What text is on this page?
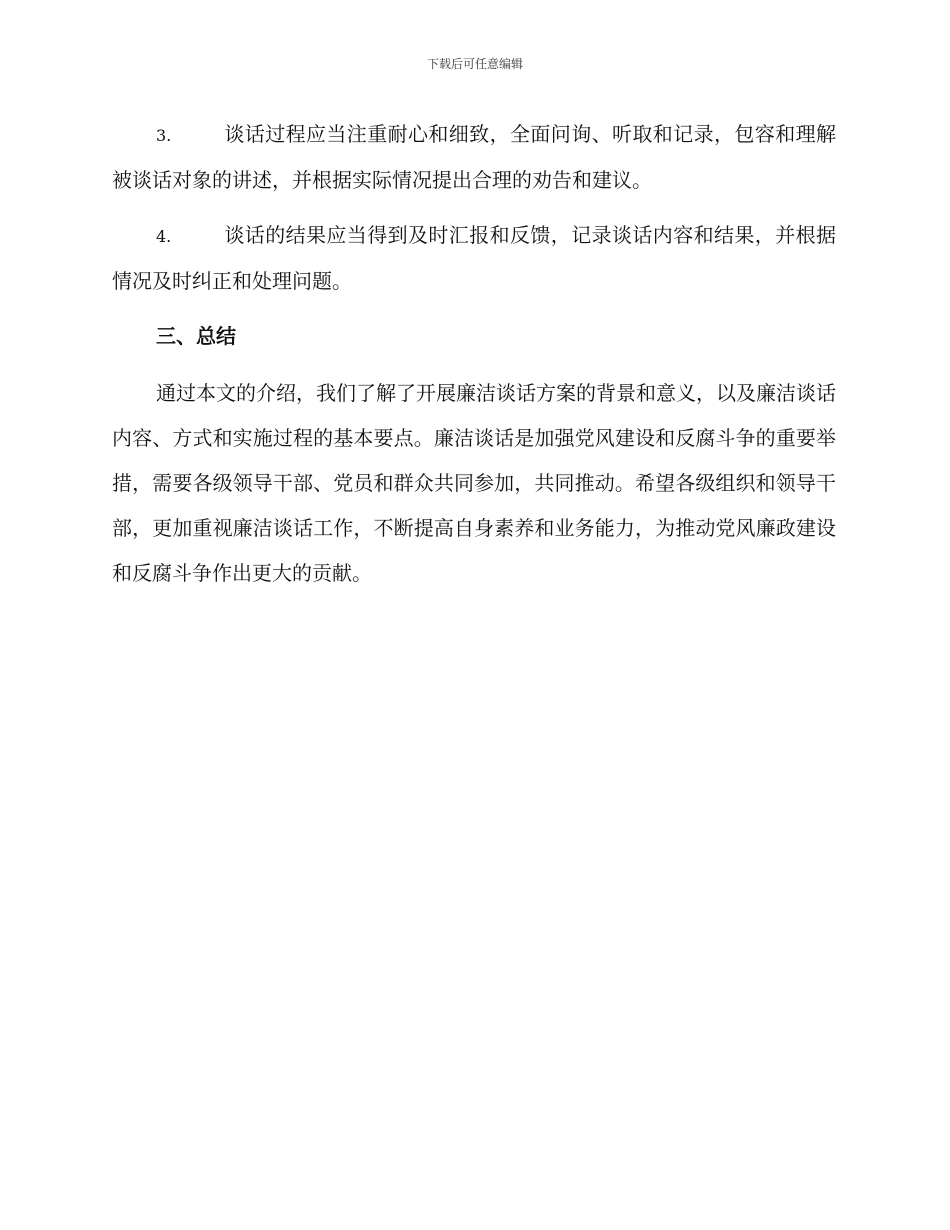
下载后可任意编辑

3.	谈话过程应当注重耐心和细致，全面问询、听取和记录，包容和理解被谈话对象的讲述，并根据实际情况提出合理的劝告和建议。

4.	谈话的结果应当得到及时汇报和反馈，记录谈话内容和结果，并根据情况及时纠正和处理问题。

三、总结

通过本文的介绍，我们了解了开展廉洁谈话方案的背景和意义，以及廉洁谈话内容、方式和实施过程的基本要点。廉洁谈话是加强党风建设和反腐斗争的重要举措，需要各级领导干部、党员和群众共同参加，共同推动。希望各级组织和领导干部，更加重视廉洁谈话工作，不断提高自身素养和业务能力，为推动党风廉政建设和反腐斗争作出更大的贡献。
